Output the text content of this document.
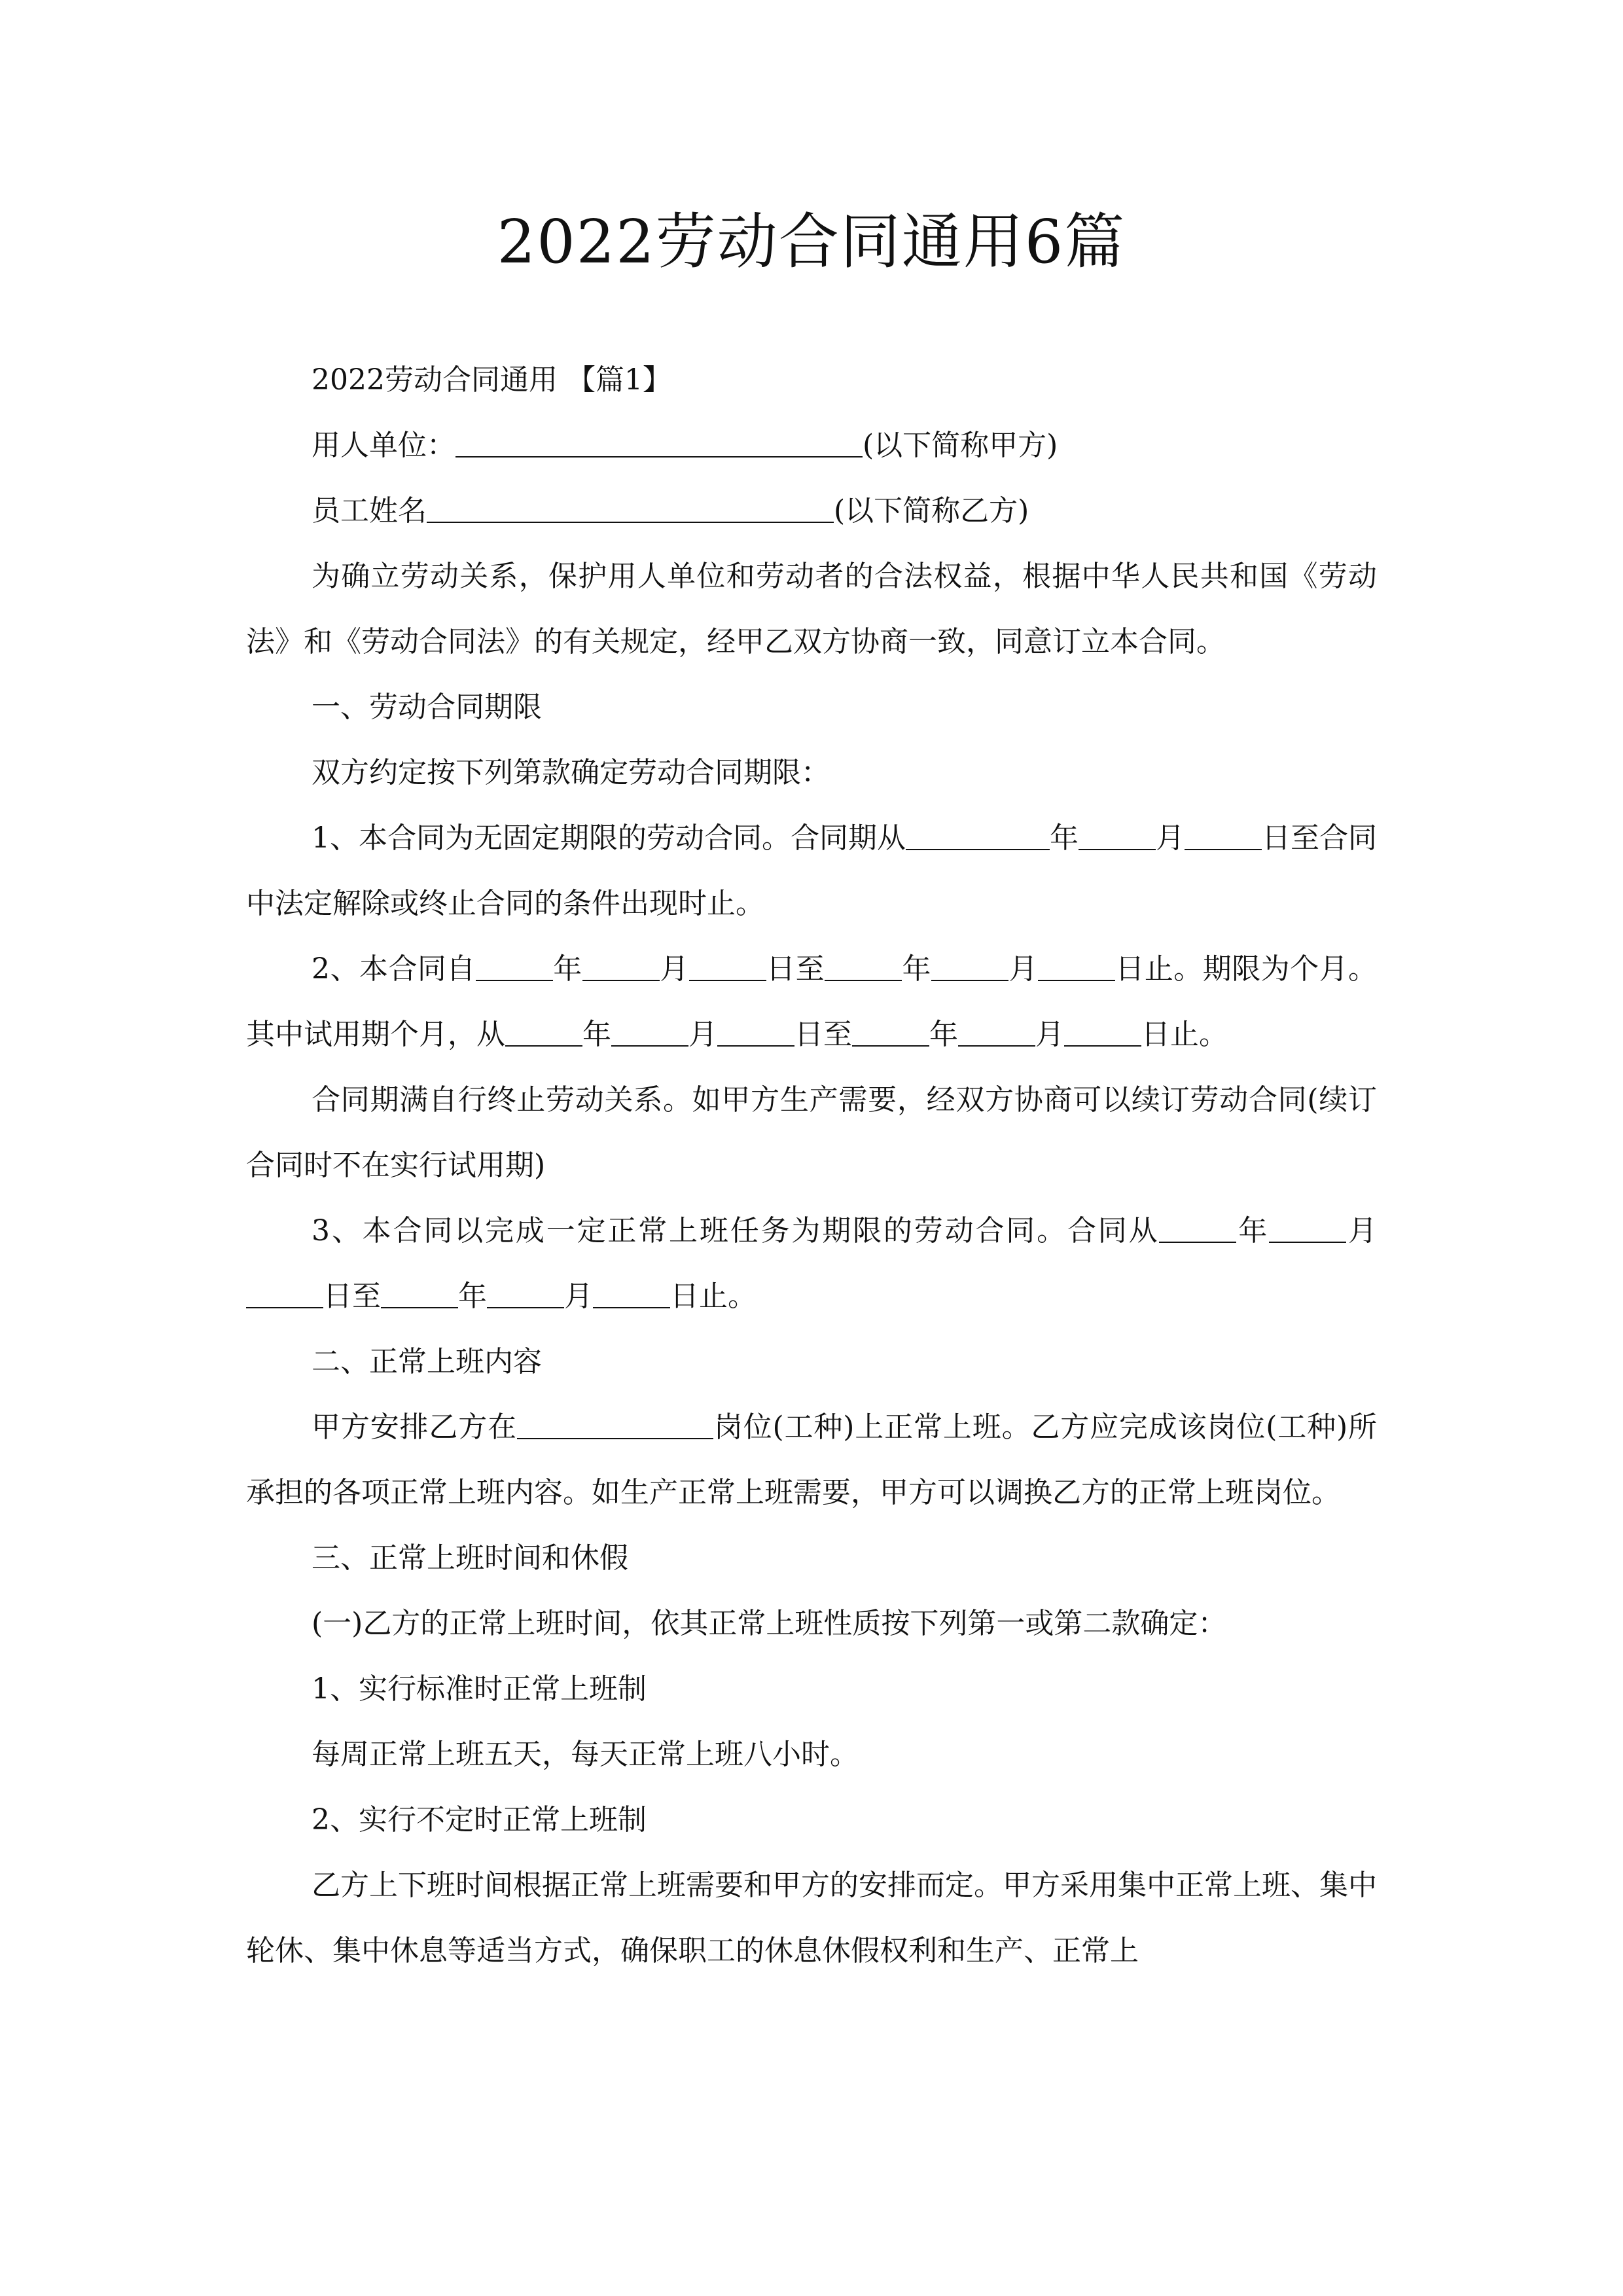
2022劳动合同通用6篇

2022劳动合同通用 【篇1】

用人单位：	(以下简称甲方)

员工姓名	(以下简称乙方)

为确立劳动关系，保护用人单位和劳动者的合法权益，根据中华人民共和国《劳动法》和《劳动合同法》的有关规定，经甲乙双方协商一致，同意订立本合同。

一、劳动合同期限

双方约定按下列第款确定劳动合同期限：

1、本合同为无固定期限的劳动合同。合同期从	年	月	日至合同中法定解除或终止合同的条件出现时止。

2、本合同自	年	月	日至	年	月	日止。期限为个月。其中试用期个月，从	年	月	日至	年	月	日止。

合同期满自行终止劳动关系。如甲方生产需要，经双方协商可以续订劳动合同(续订合同时不在实行试用期)

3、本合同以完成一定正常上班任务为期限的劳动合同。合同从	年	月日至	年	月	日止。

二、正常上班内容

甲方安排乙方在	岗位(工种)上正常上班。乙方应完成该岗位(工种)所承担的各项正常上班内容。如生产正常上班需要，甲方可以调换乙方的正常上班岗位。

三、正常上班时间和休假

(一)乙方的正常上班时间，依其正常上班性质按下列第一或第二款确定：

1、实行标准时正常上班制

每周正常上班五天，每天正常上班八小时。

2、实行不定时正常上班制

乙方上下班时间根据正常上班需要和甲方的安排而定。甲方采用集中正常上班、集中轮休、集中休息等适当方式，确保职工的休息休假权利和生产、正常上
